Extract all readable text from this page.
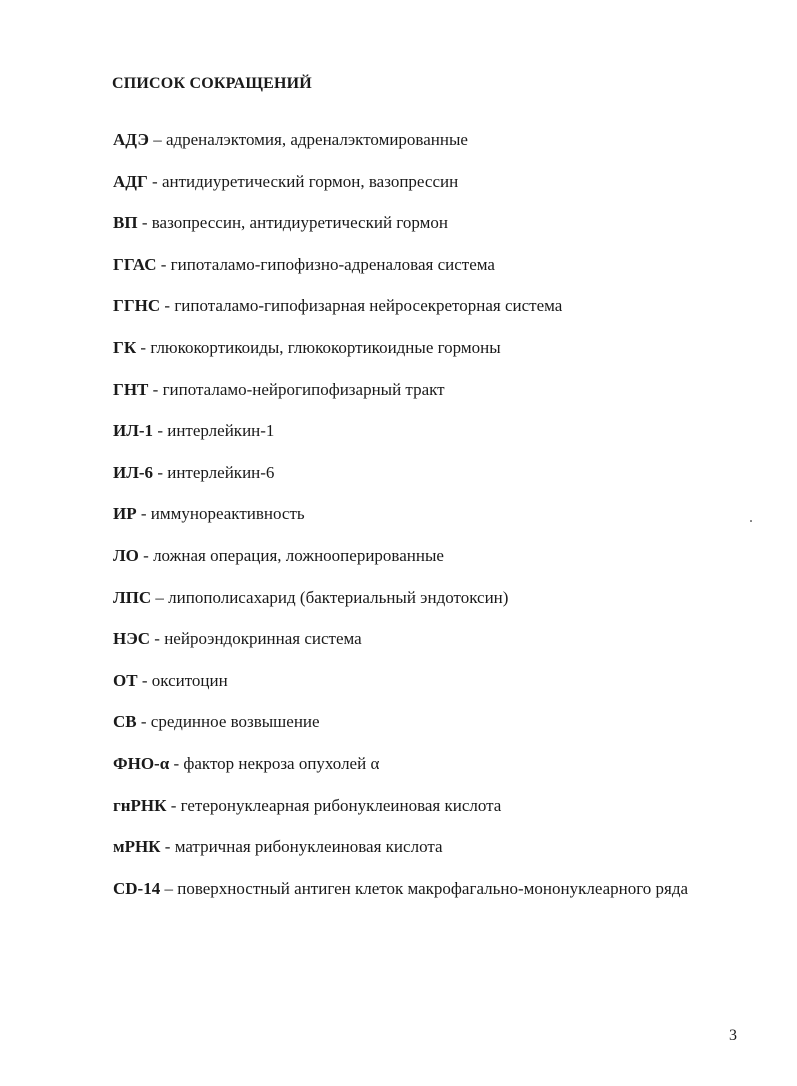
СПИСОК СОКРАЩЕНИЙ
АДЭ – адреналэктомия, адреналэктомированные
АДГ - антидиуретический гормон, вазопрессин
ВП - вазопрессин, антидиуретический гормон
ГГАС - гипоталамо-гипофизно-адреналовая система
ГГНС - гипоталамо-гипофизарная нейросекреторная система
ГК - глюкокортикоиды, глюкокортикоидные гормоны
ГНТ - гипоталамо-нейрогипофизарный тракт
ИЛ-1 - интерлейкин-1
ИЛ-6 - интерлейкин-6
ИР - иммунореактивность
ЛО - ложная операция, ложнооперированные
ЛПС – липополисахарид (бактериальный эндотоксин)
НЭС - нейроэндокринная система
ОТ - окситоцин
СВ - срединное возвышение
ФНО-α - фактор некроза опухолей α
гнРНК - гетеронуклеарная рибонуклеиновая кислота
мРНК - матричная рибонуклеиновая кислота
CD-14 – поверхностный антиген клеток макрофагально-мононуклеарного ряда
3
